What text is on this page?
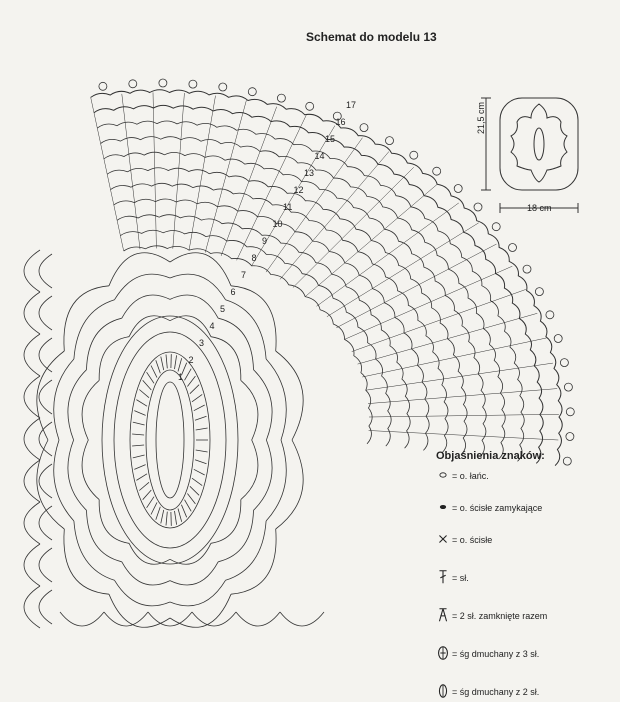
1
2
3
4
5
6
7
8
9
10
11
12
13
14
15
16
17
Schemat do modelu 13
21,5 cm
18 cm
Objaśnienia znaków:
= o. łańc.
= o. ścisłe zamykające
= o. ścisłe
= sł.
= 2 sł. zamknięte razem
= śg dmuchany z 3 sł.
= śg dmuchany z 2 sł.
